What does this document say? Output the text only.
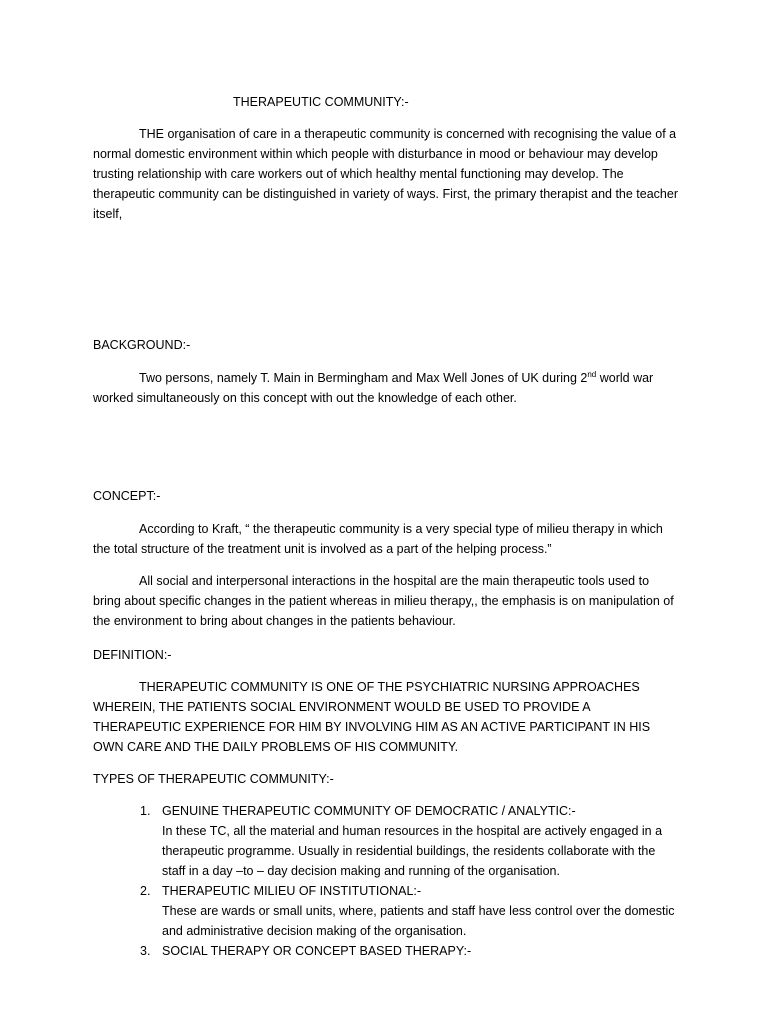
THERAPEUTIC COMMUNITY:-

THE organisation of care in a therapeutic community is concerned with recognising the value of a normal domestic environment within which people with disturbance in mood or behaviour may develop trusting relationship with care workers out of which healthy mental functioning may develop. The therapeutic community can be distinguished in variety of ways. First, the primary therapist and the teacher itself,

BACKGROUND:-

Two persons, namely T. Main in Bermingham and Max Well Jones of UK during 2nd world war worked simultaneously on this concept with out the knowledge of each other.

CONCEPT:-

According to Kraft, “ the therapeutic community is a very special type of milieu therapy in which the total structure of the treatment unit is involved as a part of the helping process.”

All social and interpersonal interactions in the hospital are the main therapeutic tools used to bring about specific changes in the patient whereas in milieu therapy,, the emphasis is on manipulation of the environment to bring about changes in the patients behaviour.

DEFINITION:-

THERAPEUTIC COMMUNITY IS ONE OF THE PSYCHIATRIC NURSING APPROACHES WHEREIN, THE PATIENTS SOCIAL ENVIRONMENT WOULD BE USED TO PROVIDE A THERAPEUTIC EXPERIENCE FOR HIM BY INVOLVING HIM AS AN ACTIVE PARTICIPANT IN HIS OWN CARE AND THE DAILY PROBLEMS OF HIS COMMUNITY.

TYPES OF THERAPEUTIC COMMUNITY:-
1. GENUINE THERAPEUTIC COMMUNITY OF DEMOCRATIC / ANALYTIC:-
In these TC, all the material and human resources in the hospital are actively engaged in a therapeutic programme. Usually in residential buildings, the residents collaborate with the staff in a day –to – day decision making and running of the organisation.
2. THERAPEUTIC MILIEU OF INSTITUTIONAL:-
These are wards or small units, where, patients and staff have less control over the domestic and administrative decision making of the organisation.
3. SOCIAL THERAPY OR CONCEPT BASED THERAPY:-
